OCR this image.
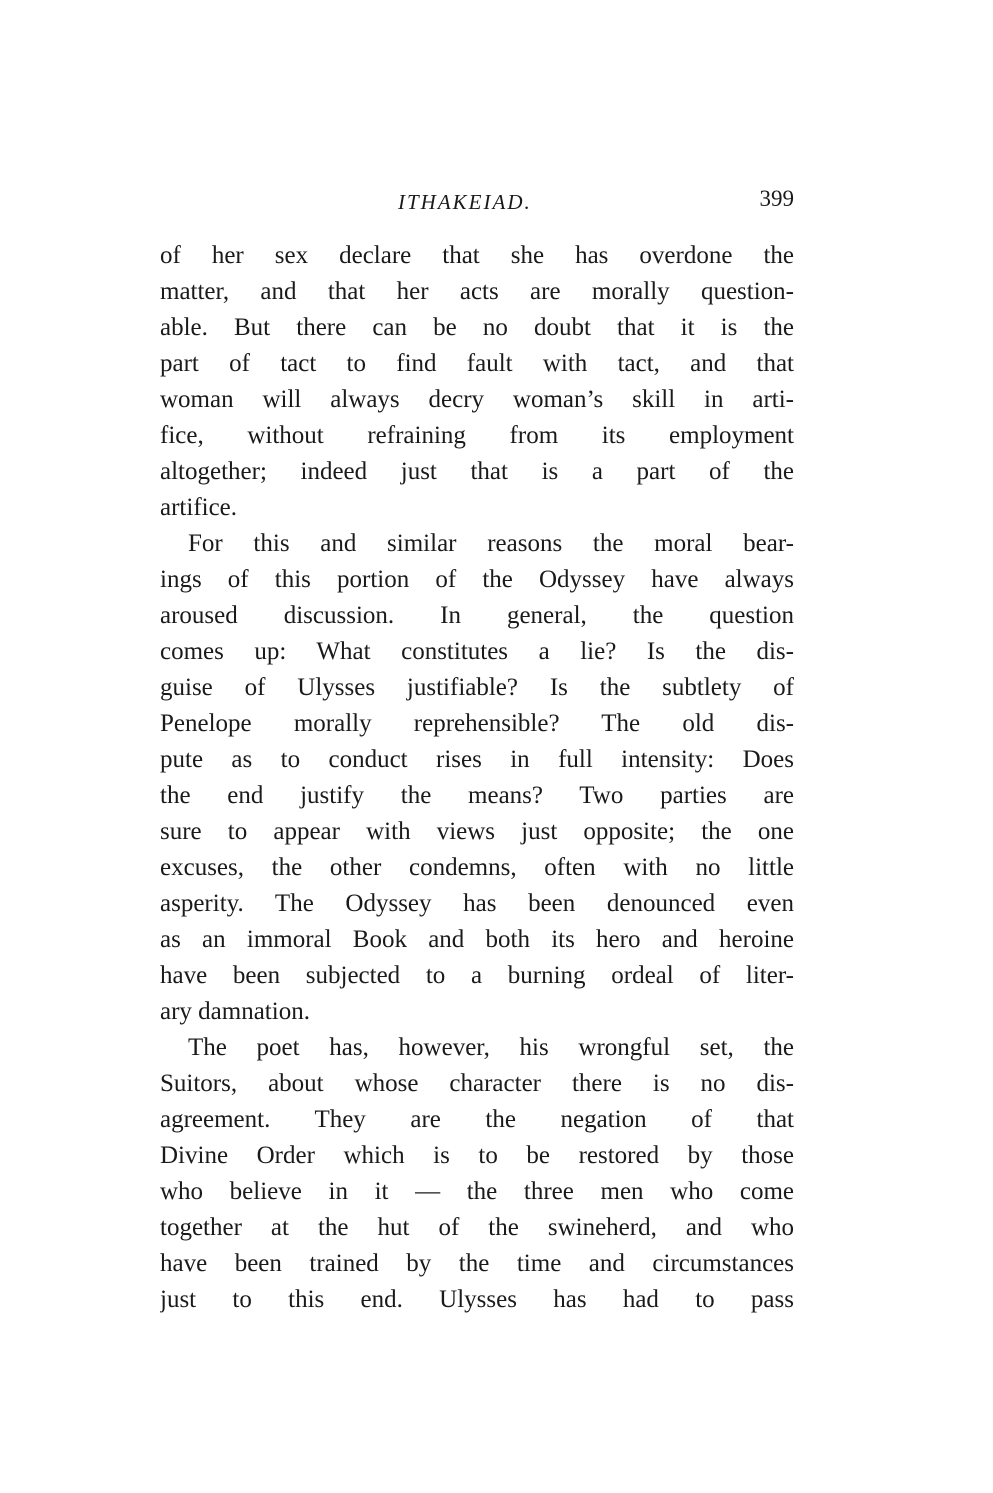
ITHAKEIAD.	399
of her sex declare that she has overdone the
matter, and that her acts are morally question-
able. But there can be no doubt that it is the
part of tact to find fault with tact, and that
woman will always decry woman’s skill in arti-
fice, without refraining from its employment
altogether; indeed just that is a part of the
artifice.
For this and similar reasons the moral bear-
ings of this portion of the Odyssey have always
aroused discussion. In general, the question
comes up: What constitutes a lie? Is the dis-
guise of Ulysses justifiable? Is the subtlety of
Penelope morally reprehensible? The old dis-
pute as to conduct rises in full intensity: Does
the end justify the means? Two parties are
sure to appear with views just opposite; the one
excuses, the other condemns, often with no little
asperity. The Odyssey has been denounced even
as an immoral Book and both its hero and heroine
have been subjected to a burning ordeal of liter-
ary damnation.
The poet has, however, his wrongful set, the
Suitors, about whose character there is no dis-
agreement. They are the negation of that
Divine Order which is to be restored by those
who believe in it — the three men who come
together at the hut of the swineherd, and who
have been trained by the time and circumstances
just to this end. Ulysses has had to pass
